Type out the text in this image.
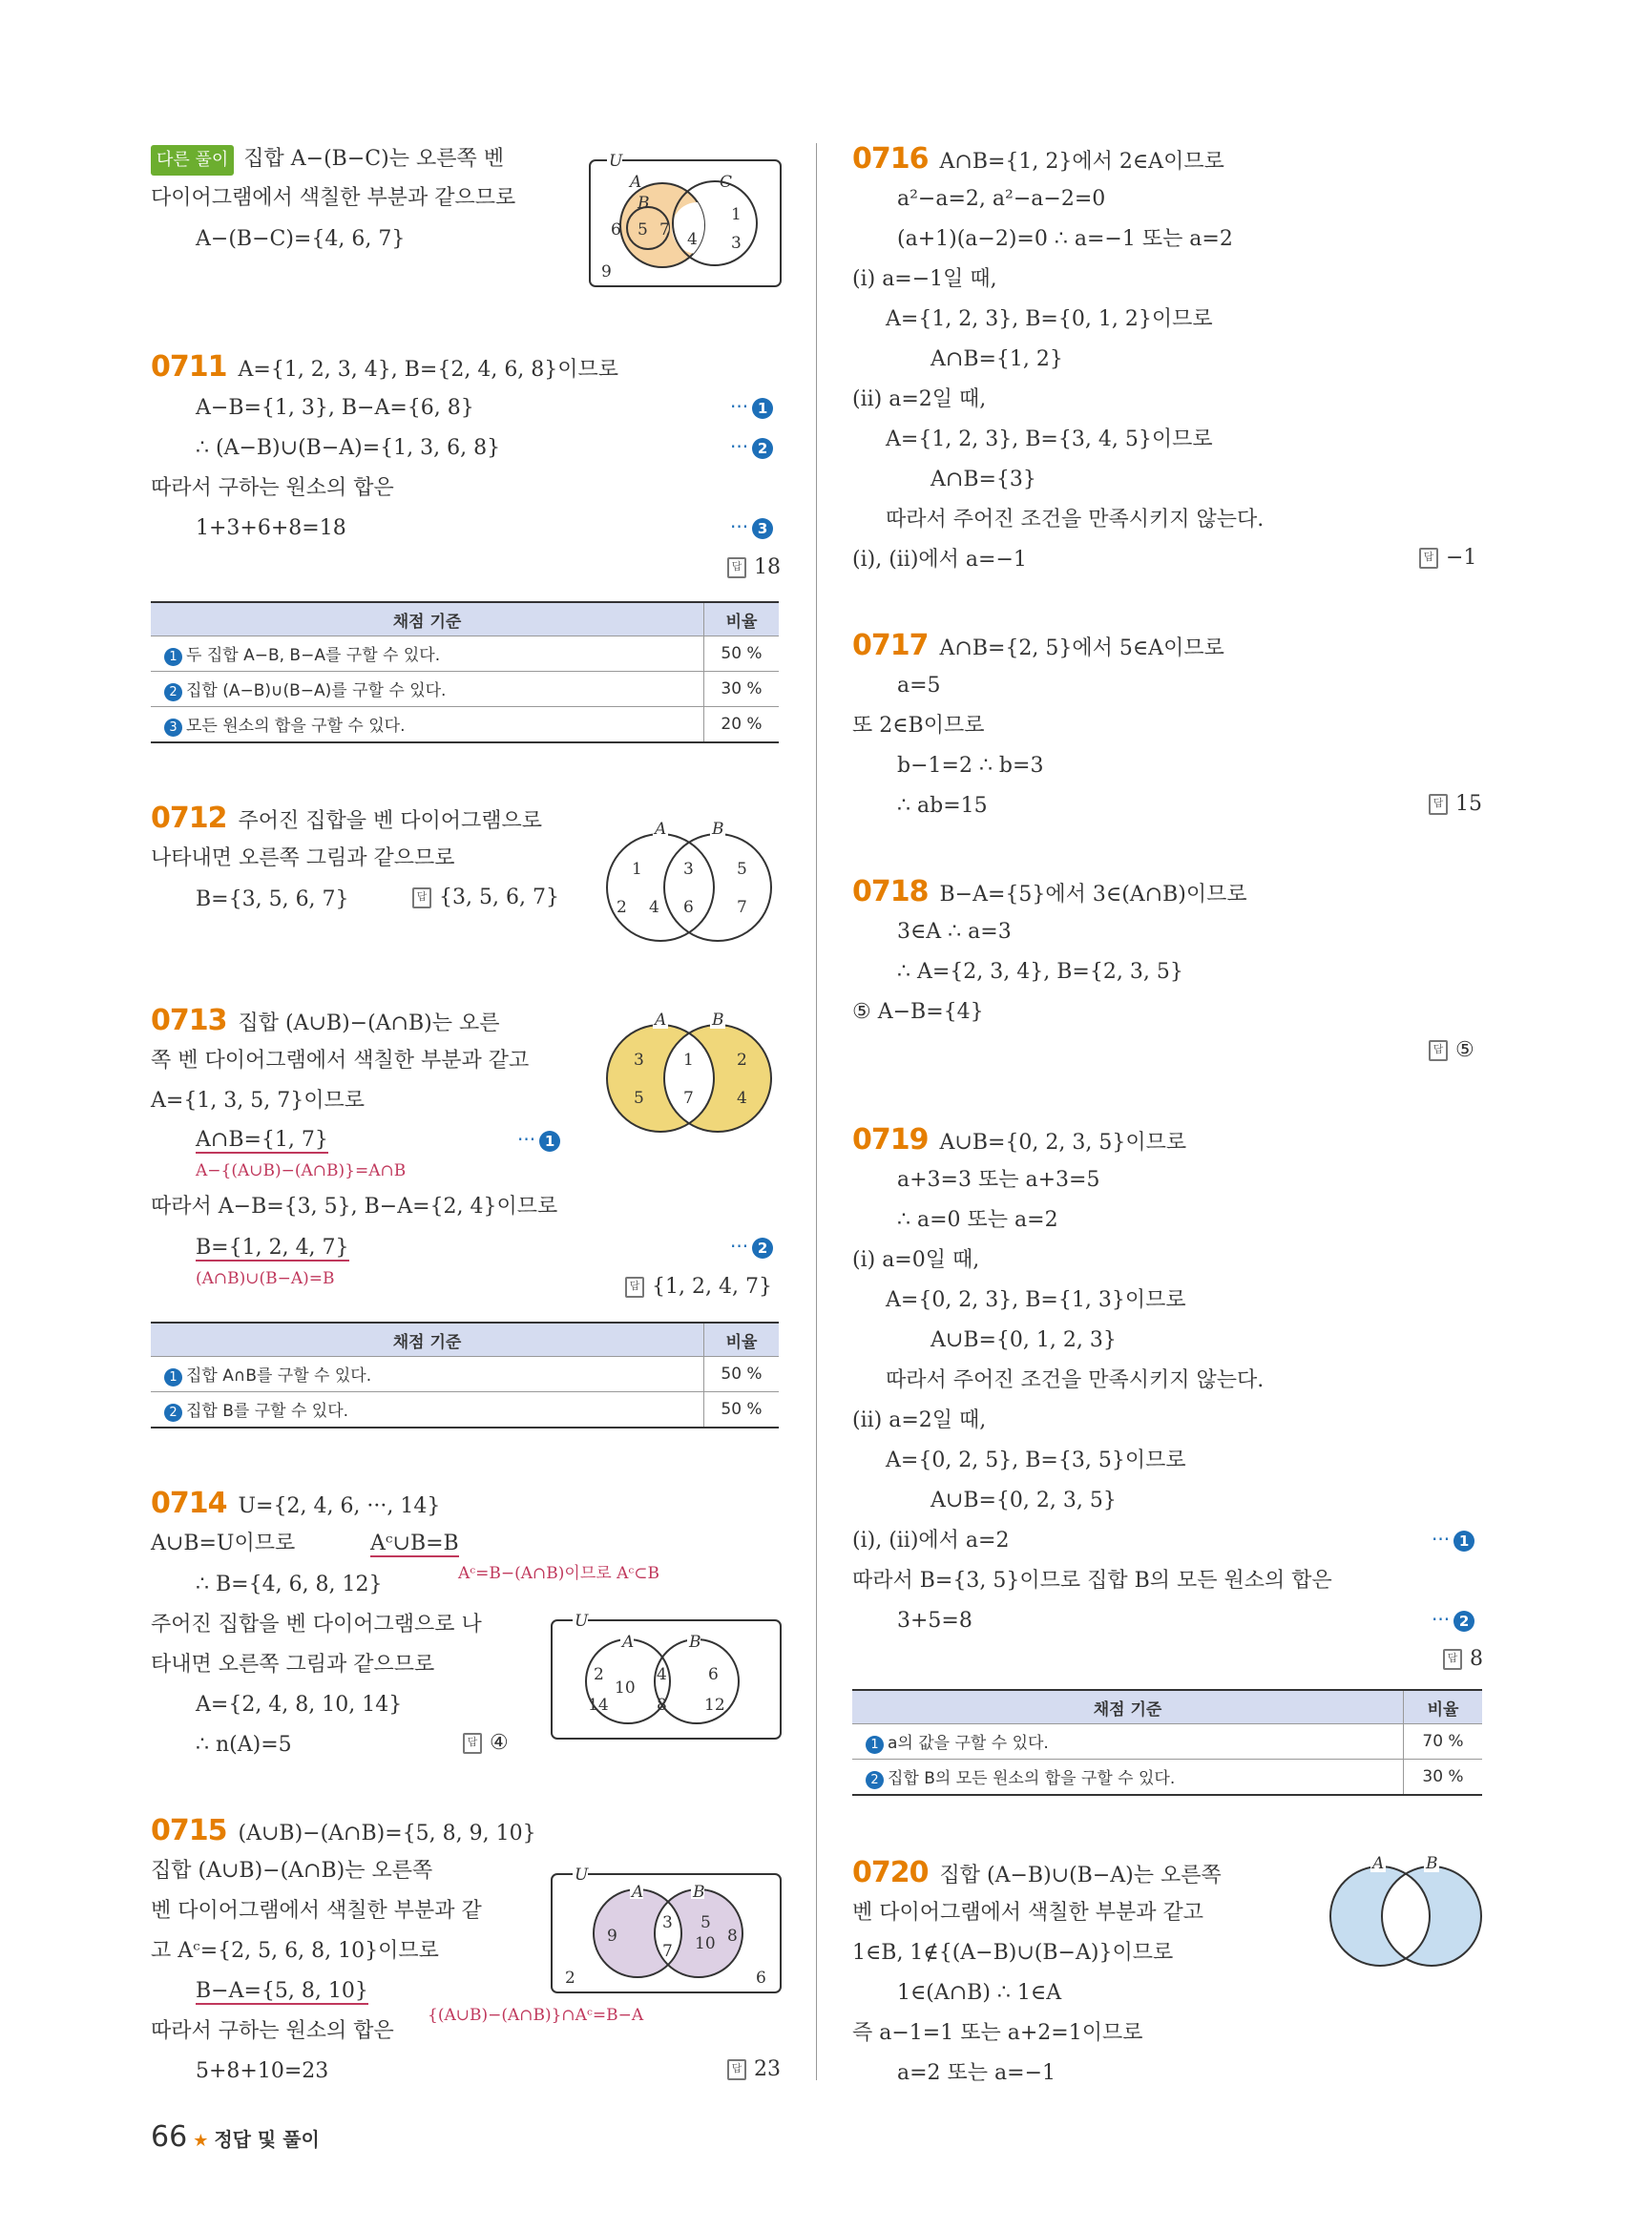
다른 풀이 집합 A−(B−C)는 오른쪽 벤
다이어그램에서 색칠한 부분과 같으므로
A−(B−C)={4, 6, 7}
U
A
B
C
6 5 7 4
1
3
9
0711 A={1, 2, 3, 4}, B={2, 4, 6, 8}이므로
A−B={1, 3}, B−A={6, 8}
∴ (A−B)∪(B−A)={1, 3, 6, 8}
따라서 구하는 원소의 합은
1+3+6+8=18
··· 1
··· 2
··· 3
답 18
채점 기준	비율
1 두 집합 A−B, B−A를 구할 수 있다.	50 %
2 집합 (A−B)∪(B−A)를 구할 수 있다.	30 %
3 모든 원소의 합을 구할 수 있다.	20 %
0712 주어진 집합을 벤 다이어그램으로
나타내면 오른쪽 그림과 같으므로
B={3, 5, 6, 7}	답 {3, 5, 6, 7}
A	B
1	3	5
2 4 6	7
0713 집합 (A∪B)−(A∩B)는 오른
쪽 벤 다이어그램에서 색칠한 부분과 같고
A={1, 3, 5, 7}이므로
A∩B={1, 7}
A−{(A∪B)−(A∩B)}=A∩B
따라서 A−B={3, 5}, B−A={2, 4}이므로
B={1, 2, 4, 7}
(A∩B)∪(B−A)=B
··· 1
··· 2
답 {1, 2, 4, 7}
A	B
3 1	2
5 7	4
채점 기준	비율
1 집합 A∩B를 구할 수 있다.	50 %
2 집합 B를 구할 수 있다.	50 %
0714 U={2, 4, 6, ···, 14}
A∪B=U이므로	Aᶜ∪B=B
Aᶜ=B−(A∩B)이므로 Aᶜ⊂B
∴ B={4, 6, 8, 12}
주어진 집합을 벤 다이어그램으로 나
타내면 오른쪽 그림과 같으므로
A={2, 4, 8, 10, 14}
∴ n(A)=5	답 ④
U
A	B
2
10
14
4
8
6
12
0715 (A∪B)−(A∩B)={5, 8, 9, 10}
집합 (A∪B)−(A∩B)는 오른쪽
벤 다이어그램에서 색칠한 부분과 같
고 Aᶜ={2, 5, 6, 8, 10}이므로
B−A={5, 8, 10}
{(A∪B)−(A∩B)}∩Aᶜ=B−A
따라서 구하는 원소의 합은
5+8+10=23	답 23
U
A	B
9
3
7
5
10 8
2	6
0716 A∩B={1, 2}에서 2∈A이므로
a²−a=2, a²−a−2=0
(a+1)(a−2)=0 ∴ a=−1 또는 a=2
(i) a=−1일 때,
A={1, 2, 3}, B={0, 1, 2}이므로
A∩B={1, 2}
(ii) a=2일 때,
A={1, 2, 3}, B={3, 4, 5}이므로
A∩B={3}
따라서 주어진 조건을 만족시키지 않는다.
(i), (ii)에서 a=−1	답 −1
0717 A∩B={2, 5}에서 5∈A이므로
a=5
또 2∈B이므로
b−1=2 ∴ b=3
∴ ab=15	답 15
0718 B−A={5}에서 3∈(A∩B)이므로
3∈A ∴ a=3
∴ A={2, 3, 4}, B={2, 3, 5}
⑤ A−B={4}
답 ⑤
0719 A∪B={0, 2, 3, 5}이므로
a+3=3 또는 a+3=5
∴ a=0 또는 a=2
(i) a=0일 때,
A={0, 2, 3}, B={1, 3}이므로
A∪B={0, 1, 2, 3}
따라서 주어진 조건을 만족시키지 않는다.
(ii) a=2일 때,
A={0, 2, 5}, B={3, 5}이므로
A∪B={0, 2, 3, 5}
(i), (ii)에서 a=2
따라서 B={3, 5}이므로 집합 B의 모든 원소의 합은
3+5=8
··· 1
··· 2
답 8
채점 기준	비율
1 a의 값을 구할 수 있다.	70 %
2 집합 B의 모든 원소의 합을 구할 수 있다.	30 %
0720 집합 (A−B)∪(B−A)는 오른쪽
벤 다이어그램에서 색칠한 부분과 같고
1∈B, 1∉{(A−B)∪(B−A)}이므로
1∈(A∩B) ∴ 1∈A
즉 a−1=1 또는 a+2=1이므로
a=2 또는 a=−1
A	B
66 ★ 정답 및 풀이
